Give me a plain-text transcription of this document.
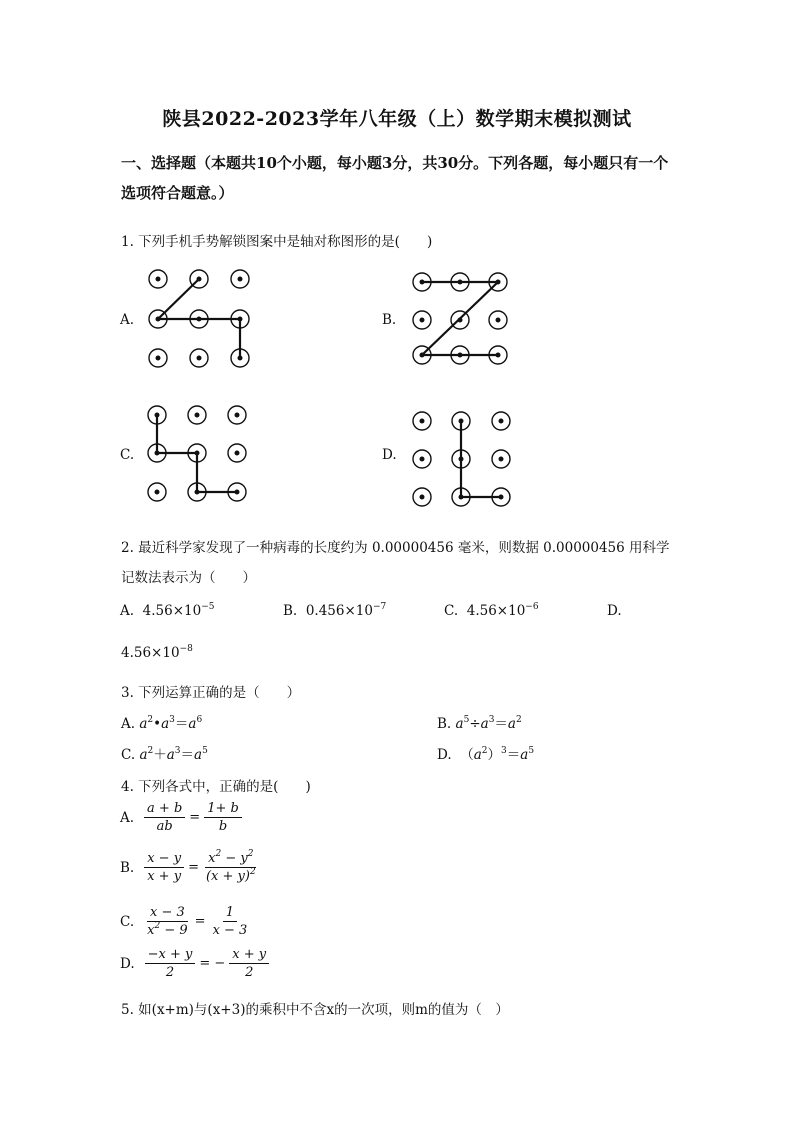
陕县2022-2023学年八年级（上）数学期末模拟测试
一、选择题（本题共10个小题，每小题3分，共30分。下列各题，每小题只有一个选项符合题意。）
1. 下列手机手势解锁图案中是轴对称图形的是(　　)
A.	B.
C.	D.
2. 最近科学家发现了一种病毒的长度约为 0.00000456 毫米，则数据 0.00000456 用科学
记数法表示为（　　）
A. $4.56\times 10^{-5}$	B. $0.456\times 10^{-7}$	C. $4.56\times 10^{-6}$	D.
$4.56\times 10^{-8}$
3. 下列运算正确的是（　　）
A. $a^2•a^3=a^6$	B. $a^5\div a^3=a^2$
C. $a^2+a^3=a^5$	D.  $(a^2)^3=a^5$
4. 下列各式中，正确的是(　　)
A. $\frac{a + b}{ab} = \frac{1+ b}{b}$
B. $\frac{x - y}{x + y} = \frac{x^2 - y^2}{(x + y)^2}$
C. $\frac{x - 3}{x^2 - 9} = \frac{1}{x - 3}$
D. $\frac{-x + y}{2}$ = − $\frac{x + y}{2}$
5. 如(x+m)与(x+3)的乘积中不含x的一次项，则m的值为（　）
